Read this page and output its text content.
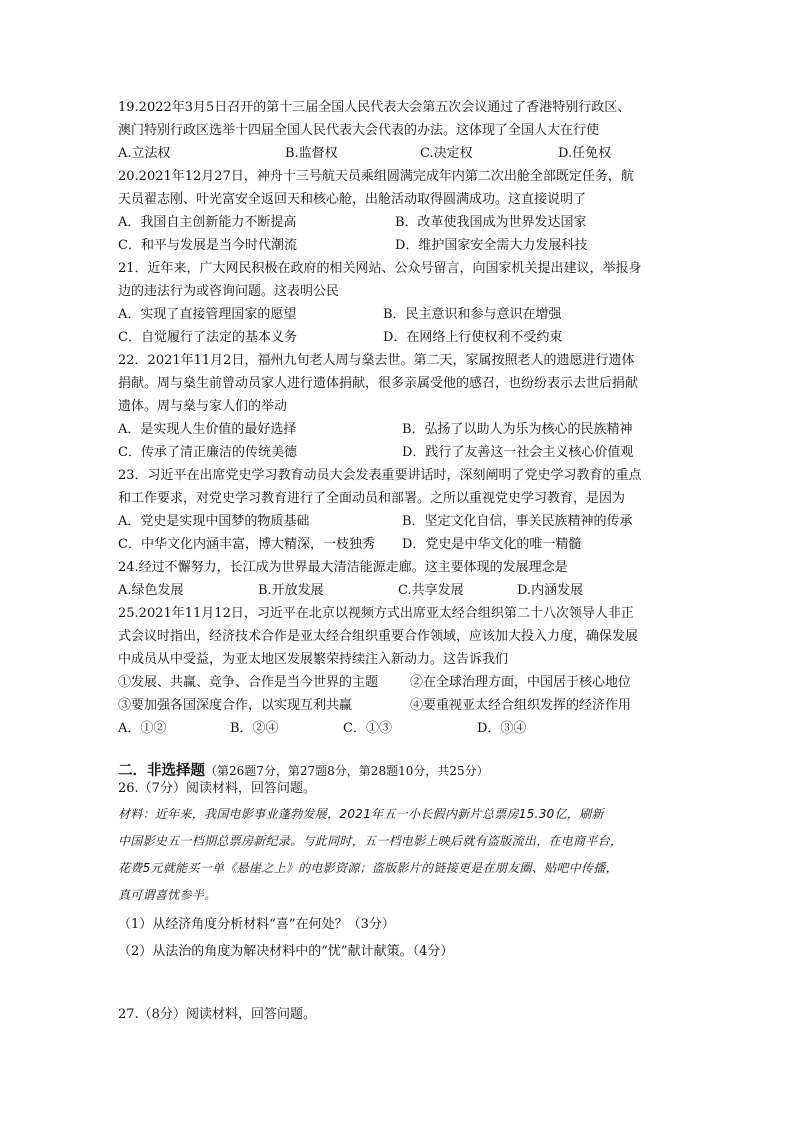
19.2022年3月5日召开的第十三届全国人民代表大会第五次会议通过了香港特别行政区、
澳门特别行政区选举十四届全国人民代表大会代表的办法。这体现了全国人大在行使
A.立法权	B.监督权	C.决定权	D.任免权
20.2021年12月27日，神舟十三号航天员乘组圆满完成年内第二次出舱全部既定任务，航
天员翟志刚、叶光富安全返回天和核心舱，出舱活动取得圆满成功。这直接说明了
A．我国自主创新能力不断提高	B．改革使我国成为世界发达国家
C．和平与发展是当今时代潮流	D．维护国家安全需大力发展科技
21．近年来，广大网民积极在政府的相关网站、公众号留言，向国家机关提出建议，举报身
边的违法行为或咨询问题。这表明公民
A．实现了直接管理国家的愿望	B．民主意识和参与意识在增强
C．自觉履行了法定的基本义务	D．在网络上行使权利不受约束
22．2021年11月2日，福州九旬老人周与燊去世。第二天，家属按照老人的遗愿进行遗体
捐献。周与燊生前曾动员家人进行遗体捐献，很多亲属受他的感召，也纷纷表示去世后捐献
遗体。周与燊与家人们的举动
A．是实现人生价值的最好选择	B．弘扬了以助人为乐为核心的民族精神
C．传承了清正廉洁的传统美德	D．践行了友善这一社会主义核心价值观
23．习近平在出席党史学习教育动员大会发表重要讲话时，深刻阐明了党史学习教育的重点
和工作要求，对党史学习教育进行了全面动员和部署。之所以重视党史学习教育，是因为
A．党史是实现中国梦的物质基础	B．坚定文化自信，事关民族精神的传承
C．中华文化内涵丰富，博大精深，一枝独秀 D．党史是中华文化的唯一精髓
24.经过不懈努力，长江成为世界最大清洁能源走廊。这主要体现的发展理念是
A.绿色发展	B.开放发展	C.共享发展	D.内涵发展
25.2021年11月12日，习近平在北京以视频方式出席亚太经合组织第二十八次领导人非正
式会议时指出，经济技术合作是亚太经合组织重要合作领域，应该加大投入力度，确保发展
中成员从中受益，为亚太地区发展繁荣持续注入新动力。这告诉我们
①发展、共赢、竞争、合作是当今世界的主题 ②在全球治理方面，中国居于核心地位
③要加强各国深度合作，以实现互利共赢	④要重视亚太经合组织发挥的经济作用
A．①②	B．②④	C．①③	D．③④
二．非选择题（第26题7分，第27题8分，第28题10分，共25分）
26.（7分）阅读材料，回答问题。
材料：近年来，我国电影事业蓬勃发展，2021年五一小长假内新片总票房15.30亿，刷新
中国影史五一档期总票房新纪录。与此同时，五一档电影上映后就有盗版流出，在电商平台，
花费5元就能买一单《悬崖之上》的电影资源；盗版影片的链接更是在朋友圈、贴吧中传播，
真可谓喜忧参半。
（1）从经济角度分析材料“喜”在何处？（3分）
（2）从法治的角度为解决材料中的“忧”献计献策。（4分）
27.（8分）阅读材料，回答问题。
